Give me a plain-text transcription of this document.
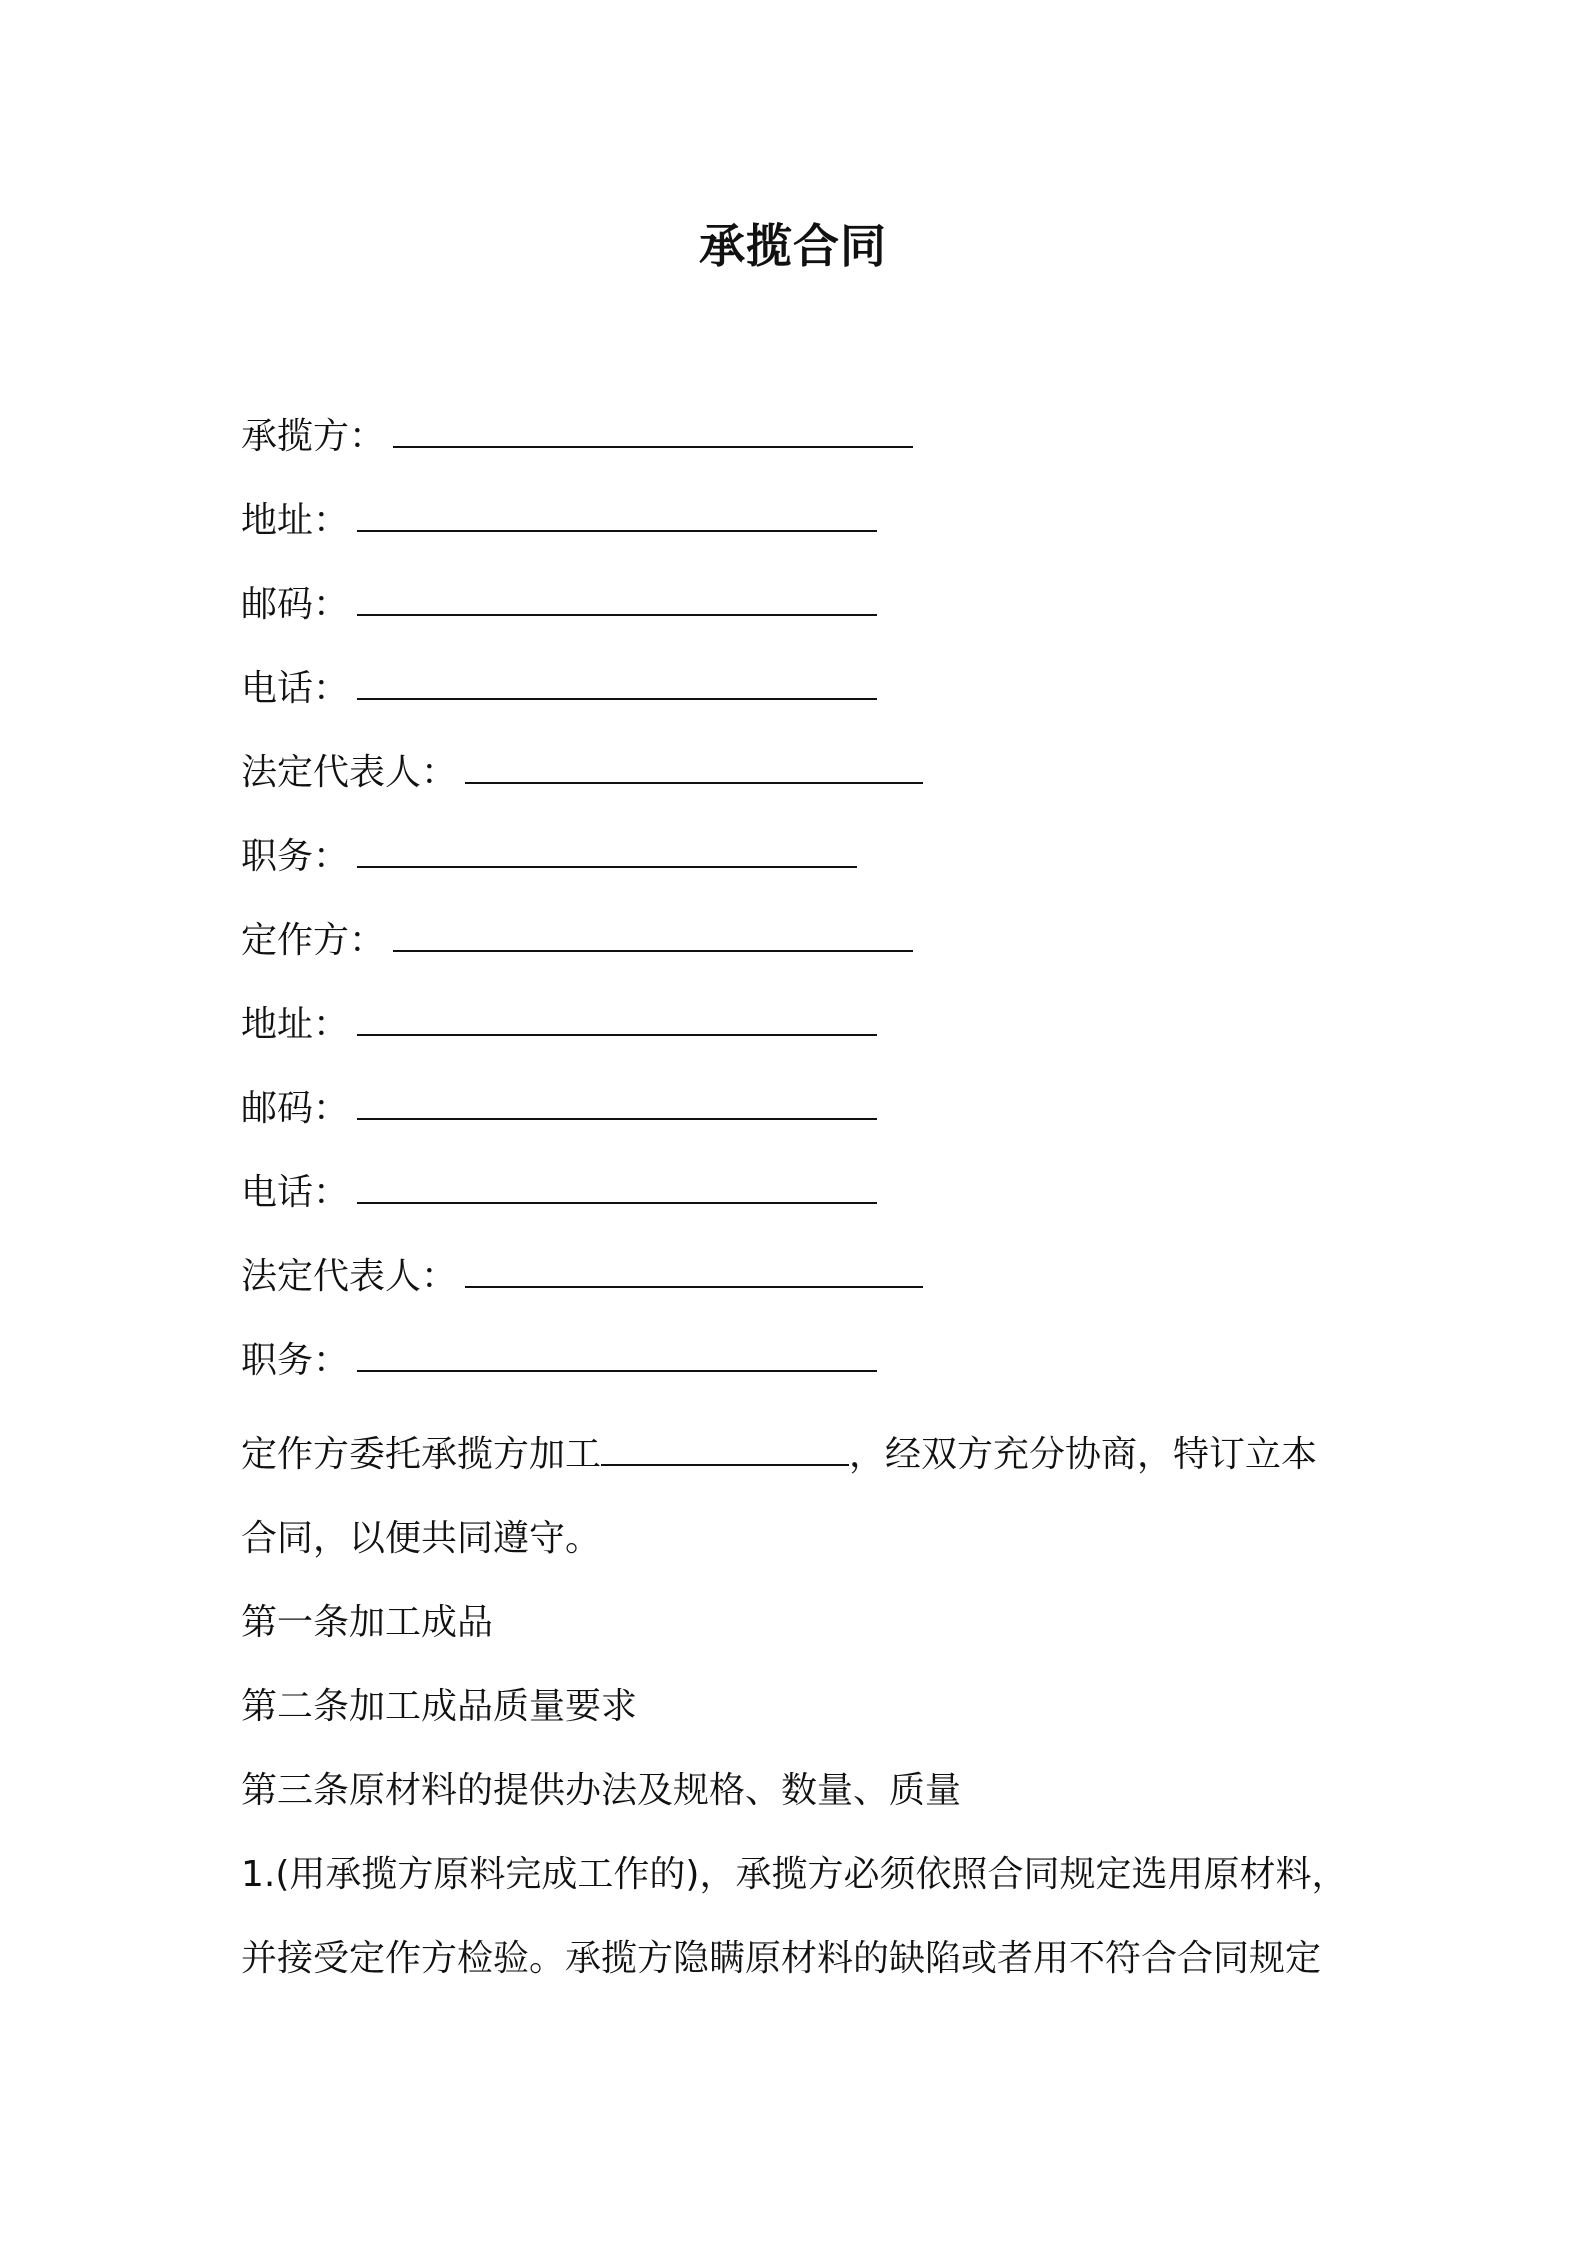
承揽合同
承揽方：
地址：
邮码：
电话：
法定代表人：
职务：
定作方：
地址：
邮码：
电话：
法定代表人：
职务：
定作方委托承揽方加工	，经双方充分协商，特订立本
合同，以便共同遵守。
第一条加工成品
第二条加工成品质量要求
第三条原材料的提供办法及规格、数量、质量
1.(用承揽方原料完成工作的)，承揽方必须依照合同规定选用原材料，
并接受定作方检验。承揽方隐瞒原材料的缺陷或者用不符合合同规定
